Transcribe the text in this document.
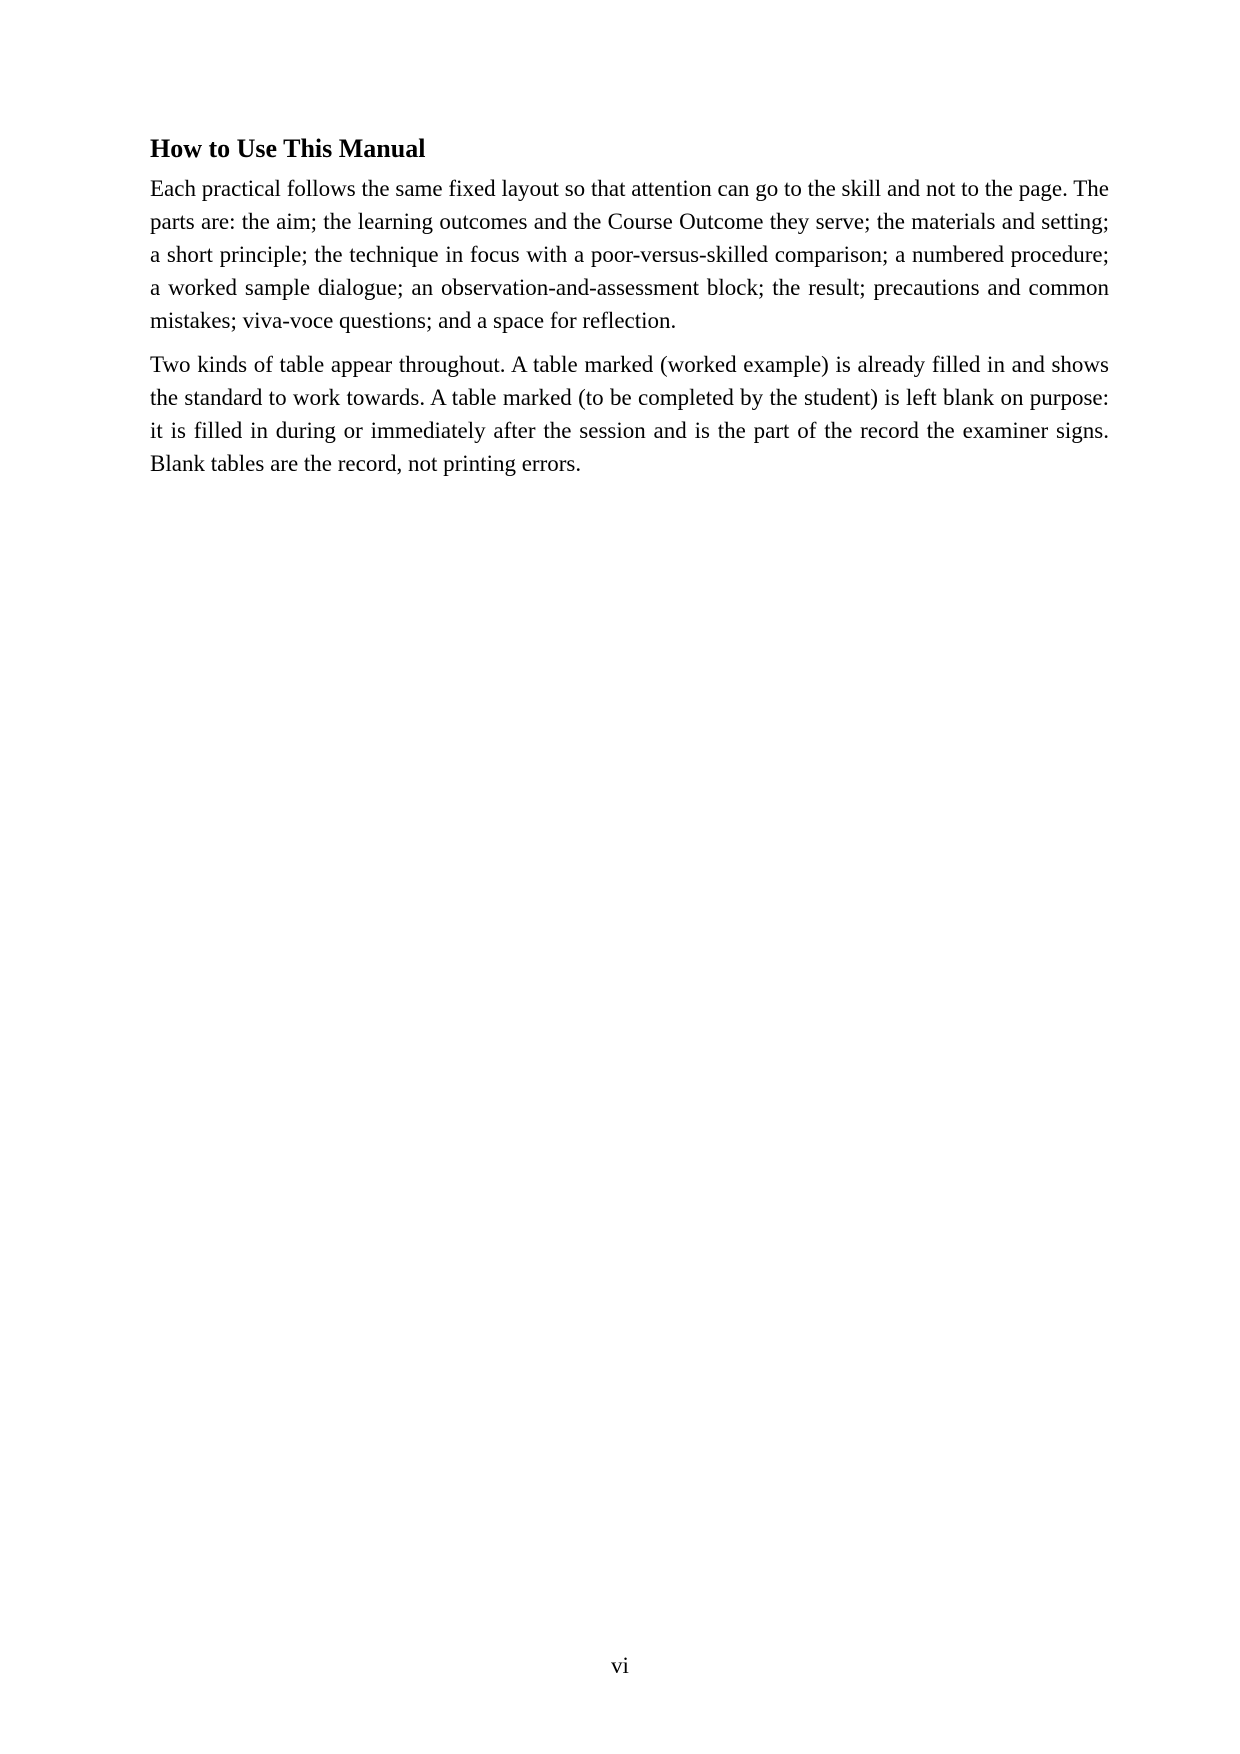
How to Use This Manual

Each practical follows the same fixed layout so that attention can go to the skill and not to the page. The parts are: the aim; the learning outcomes and the Course Outcome they serve; the materials and setting; a short principle; the technique in focus with a poor-versus-skilled comparison; a numbered procedure; a worked sample dialogue; an observation-and-assessment block; the result; precautions and common mistakes; viva-voce questions; and a space for reflection.

Two kinds of table appear throughout. A table marked (worked example) is already filled in and shows the standard to work towards. A table marked (to be completed by the student) is left blank on purpose: it is filled in during or immediately after the session and is the part of the record the examiner signs. Blank tables are the record, not printing errors.

vi
